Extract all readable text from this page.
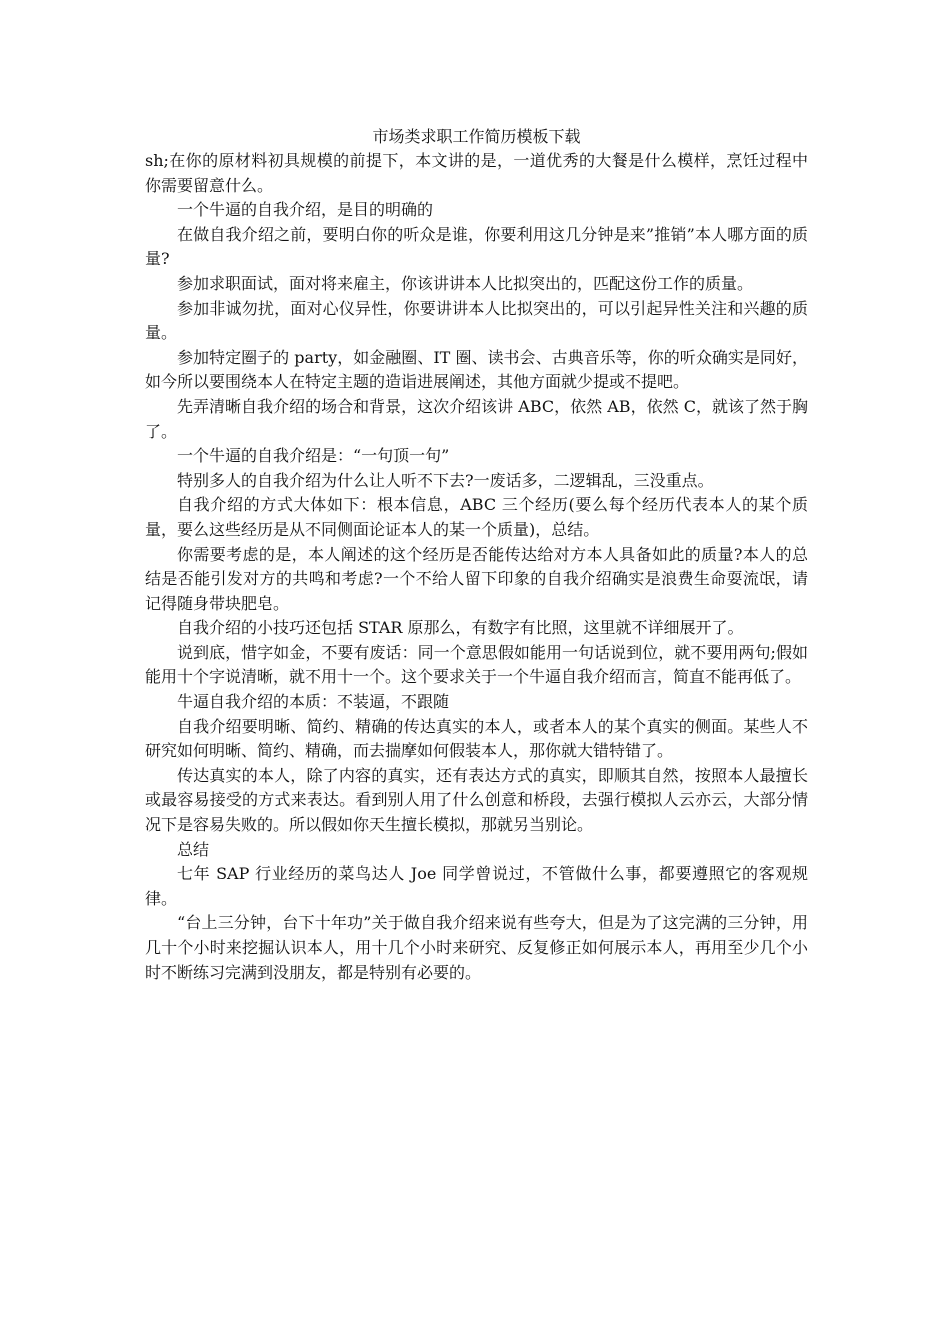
市场类求职工作简历模板下载

sh;在你的原材料初具规模的前提下，本文讲的是，一道优秀的大餐是什么模样，烹饪过程中你需要留意什么。

一个牛逼的自我介绍，是目的明确的

在做自我介绍之前，要明白你的听众是谁，你要利用这几分钟是来”推销”本人哪方面的质量?

参加求职面试，面对将来雇主，你该讲讲本人比拟突出的，匹配这份工作的质量。

参加非诚勿扰，面对心仪异性，你要讲讲本人比拟突出的，可以引起异性关注和兴趣的质量。

参加特定圈子的 party，如金融圈、IT 圈、读书会、古典音乐等，你的听众确实是同好，如今所以要围绕本人在特定主题的造诣进展阐述，其他方面就少提或不提吧。

先弄清晰自我介绍的场合和背景，这次介绍该讲 ABC，依然 AB，依然 C，就该了然于胸了。

一个牛逼的自我介绍是：“一句顶一句”

特别多人的自我介绍为什么让人听不下去?一废话多，二逻辑乱，三没重点。

自我介绍的方式大体如下：根本信息，ABC 三个经历(要么每个经历代表本人的某个质量，要么这些经历是从不同侧面论证本人的某一个质量)，总结。

你需要考虑的是，本人阐述的这个经历是否能传达给对方本人具备如此的质量?本人的总结是否能引发对方的共鸣和考虑?一个不给人留下印象的自我介绍确实是浪费生命耍流氓，请记得随身带块肥皂。

自我介绍的小技巧还包括 STAR 原那么，有数字有比照，这里就不详细展开了。

说到底，惜字如金，不要有废话：同一个意思假如能用一句话说到位，就不要用两句;假如能用十个字说清晰，就不用十一个。这个要求关于一个牛逼自我介绍而言，简直不能再低了。

牛逼自我介绍的本质：不装逼，不跟随

自我介绍要明晰、简约、精确的传达真实的本人，或者本人的某个真实的侧面。某些人不研究如何明晰、简约、精确，而去揣摩如何假装本人，那你就大错特错了。

传达真实的本人，除了内容的真实，还有表达方式的真实，即顺其自然，按照本人最擅长或最容易接受的方式来表达。看到别人用了什么创意和桥段，去强行模拟人云亦云，大部分情况下是容易失败的。所以假如你天生擅长模拟，那就另当别论。

总结

七年 SAP 行业经历的菜鸟达人 Joe 同学曾说过，不管做什么事，都要遵照它的客观规律。

“台上三分钟，台下十年功”关于做自我介绍来说有些夸大，但是为了这完满的三分钟，用几十个小时来挖掘认识本人，用十几个小时来研究、反复修正如何展示本人，再用至少几个小时不断练习完满到没朋友，都是特别有必要的。
